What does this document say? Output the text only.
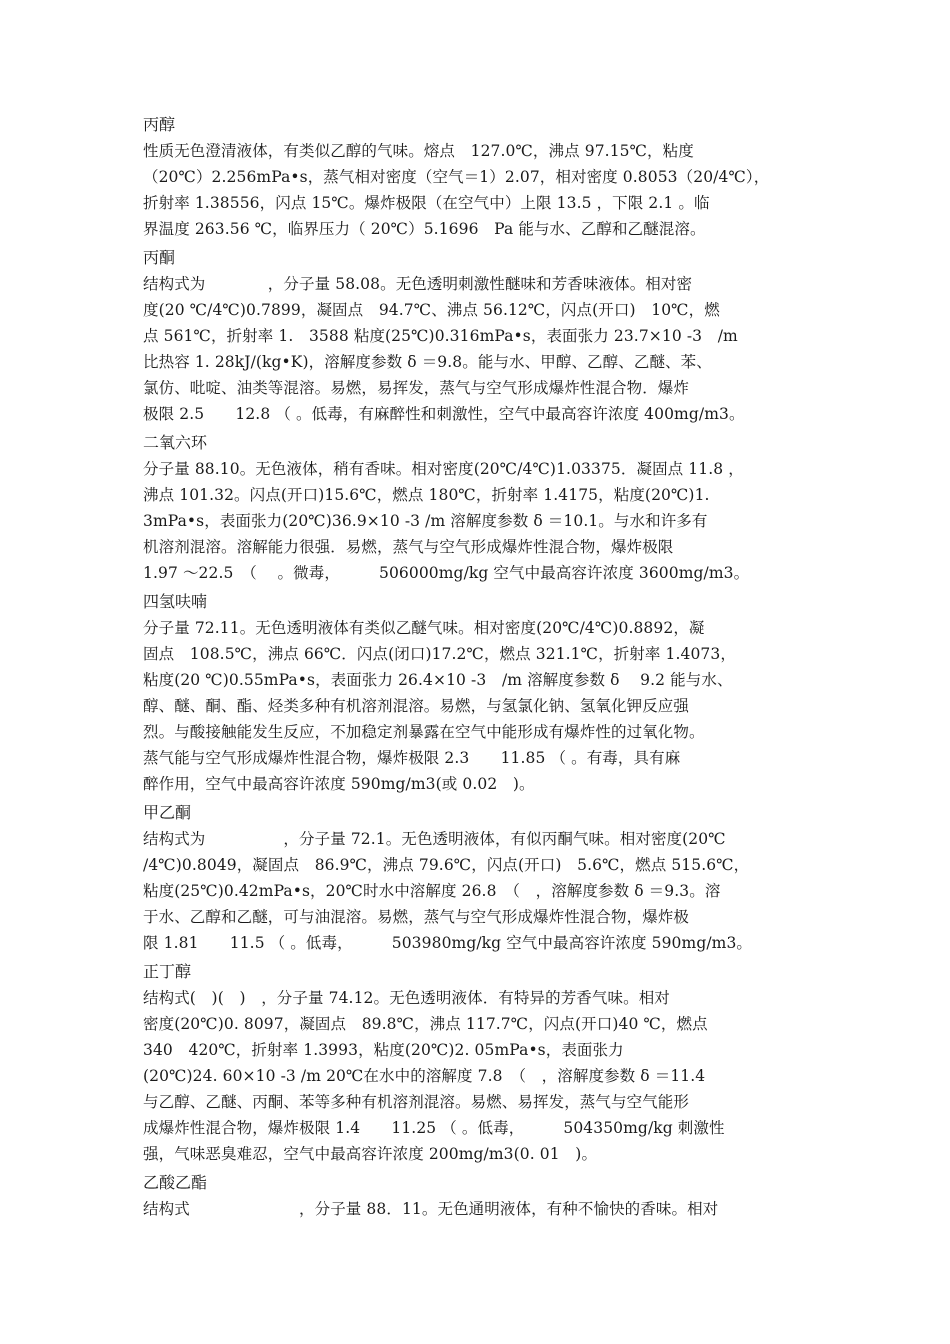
丙醇
性质无色澄清液体，有类似乙醇的气味。熔点　127.0℃，沸点 97.15℃，粘度
（20℃）2.256mPa•s，蒸气相对密度（空气＝1）2.07，相对密度 0.8053（20/4℃），
折射率 1.38556，闪点 15℃。爆炸极限（在空气中）上限 13.5 ，下限 2.1 。临
界温度 263.56 ℃，临界压力（ 20℃）5.1696　Pa 能与水、乙醇和乙醚混溶。
丙酮
结构式为　　　　，分子量 58.08。无色透明刺激性醚味和芳香味液体。相对密
度(20 ℃/4℃)0.7899，凝固点　94.7℃、沸点 56.12℃，闪点(开口)　10℃，燃
点 561℃，折射率 1.　3588 粘度(25℃)0.316mPa•s，表面张力 23.7×10 -3　/m
比热容 1. 28kJ/(kg•K)，溶解度参数 δ ＝9.8。能与水、甲醇、乙醇、乙醚、苯、
氯仿、吡啶、油类等混溶。易燃，易挥发，蒸气与空气形成爆炸性混合物．爆炸
极限 2.5　　12.8 （ 。低毒，有麻醉性和刺激性，空气中最高容许浓度 400mg/m3。
二氧六环
分子量 88.10。无色液体，稍有香味。相对密度(20℃/4℃)1.03375．凝固点 11.8 ，
沸点 101.32。闪点(开口)15.6℃，燃点 180℃，折射率 1.4175，粘度(20℃)1.
3mPa•s，表面张力(20℃)36.9×10 -3 /m 溶解度参数 δ ＝10.1。与水和许多有
机溶剂混溶。溶解能力很强．易燃，蒸气与空气形成爆炸性混合物，爆炸极限
1.97 ～22.5　（　 。微毒，　　　506000mg/kg 空气中最高容许浓度 3600mg/m3。
四氢呋喃
分子量 72.11。无色透明液体有类似乙醚气味。相对密度(20℃/4℃)0.8892，凝
固点　108.5℃，沸点 66℃．闪点(闭口)17.2℃，燃点 321.1℃，折射率 1.4073，
粘度(20 ℃)0.55mPa•s，表面张力 26.4×10 -3　/m 溶解度参数 δ　 9.2 能与水、
醇、醚、酮、酯、烃类多种有机溶剂混溶。易燃，与氢氯化钠、氢氧化钾反应强
烈。与酸接触能发生反应，不加稳定剂暴露在空气中能形成有爆炸性的过氧化物。
蒸气能与空气形成爆炸性混合物，爆炸极限 2.3　　11.85 （ 。有毒，具有麻
醉作用，空气中最高容许浓度 590mg/m3(或 0.02　)。
甲乙酮
结构式为　　　　　，分子量 72.1。无色透明液体，有似丙酮气味。相对密度(20℃
/4℃)0.8049，凝固点　86.9℃，沸点 79.6℃，闪点(开口)　5.6℃，燃点 515.6℃，
粘度(25℃)0.42mPa•s，20℃时水中溶解度 26.8　（　，溶解度参数 δ ＝9.3。溶
于水、乙醇和乙醚，可与油混溶。易燃，蒸气与空气形成爆炸性混合物，爆炸极
限 1.81　　11.5 （ 。低毒，　　　503980mg/kg 空气中最高容许浓度 590mg/m3。
正丁醇
结构式(　)(　)　，分子量 74.12。无色透明液体．有特异的芳香气味。相对
密度(20℃)0. 8097，凝固点　89.8℃，沸点 117.7℃，闪点(开口)40 ℃，燃点
340　420℃，折射率 1.3993，粘度(20℃)2. 05mPa•s，表面张力
(20℃)24. 60×10 -3 /m 20℃在水中的溶解度 7.8　（　，溶解度参数 δ ＝11.4
与乙醇、乙醚、丙酮、苯等多种有机溶剂混溶。易燃、易挥发，蒸气与空气能形
成爆炸性混合物，爆炸极限 1.4　　11.25 （ 。低毒，　　　504350mg/kg 刺激性
强，气味恶臭难忍，空气中最高容许浓度 200mg/m3(0. 01　)。
乙酸乙酯
结构式　　　　　　　，分子量 88．11。无色通明液体，有种不愉快的香味。相对
